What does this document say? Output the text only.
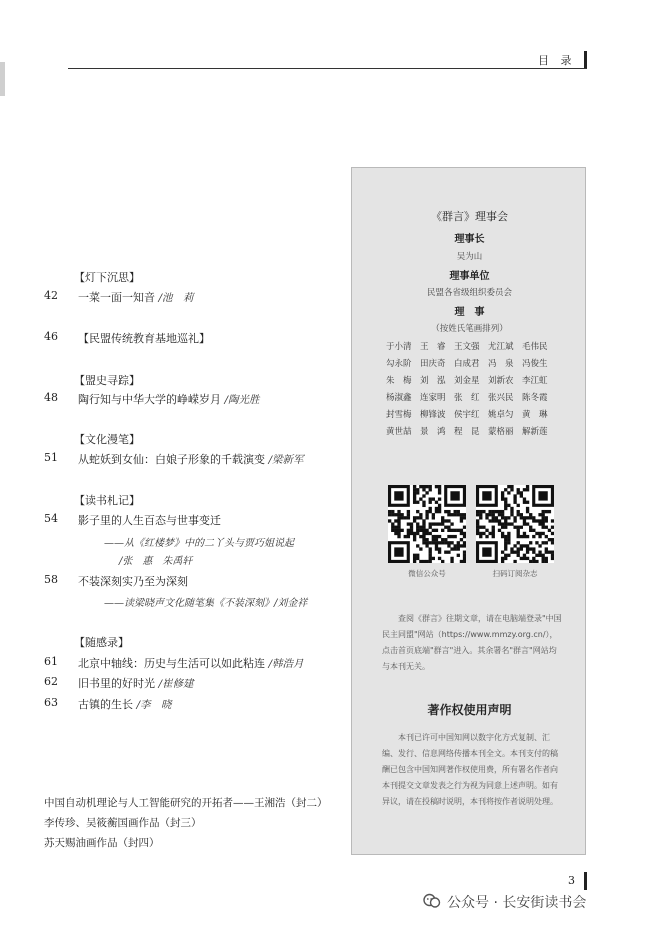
目 录
【灯下沉思】
42 一菜一面一知音 /池　莉
46 【民盟传统教育基地巡礼】
【盟史寻踪】
48 陶行知与中华大学的峥嵘岁月 /陶光胜
【文化漫笔】
51 从蛇妖到女仙：白娘子形象的千载演变 /梁新军
【读书札记】
54 影子里的人生百态与世事变迁
——从《红楼梦》中的二丫头与贾巧姐说起
/张　惠　朱禹轩
58 不装深刻实乃至为深刻
——读梁晓声文化随笔集《不装深刻》/刘金祥
【随感录】
61 北京中轴线：历史与生活可以如此粘连 /韩浩月
62 旧书里的好时光 /崔修建
63 古镇的生长 /李　晓
中国自动机理论与人工智能研究的开拓者——王湘浩（封二）
李传珍、吴筱蘅国画作品（封三）
苏天赐油画作品（封四）
《群言》理事会
理事长
吴为山
理事单位
民盟各省级组织委员会
理　事
（按姓氏笔画排列）
于小清 王　睿 王文强 尤江斌 毛伟民
勾永阶 田庆奇 白成君 冯　泉 冯俊生
朱　梅 刘　泓 刘金星 刘新农 李江虹
杨淑鑫 连家明 张　红 张兴民 陈冬霞
封雪梅 柳锋波 侯宇红 姚卓匀 黄　琳
黄世喆 景　鸿 程　昆 蒙格丽 解新莲
微信公众号	扫码订阅杂志
查阅《群言》往期文章，请在电脑端登录"中国民主同盟"网站（https://www.mmzy.org.cn/），点击首页底端"群言"进入。其余署名"群言"网站均与本刊无关。
著作权使用声明
本刊已许可中国知网以数字化方式复制、汇编、发行、信息网络传播本刊全文。本刊支付的稿酬已包含中国知网著作权使用费，所有署名作者向本刊提交文章发表之行为视为同意上述声明。如有异议，请在投稿时说明，本刊将按作者说明处理。
3
公众号 · 长安街读书会
